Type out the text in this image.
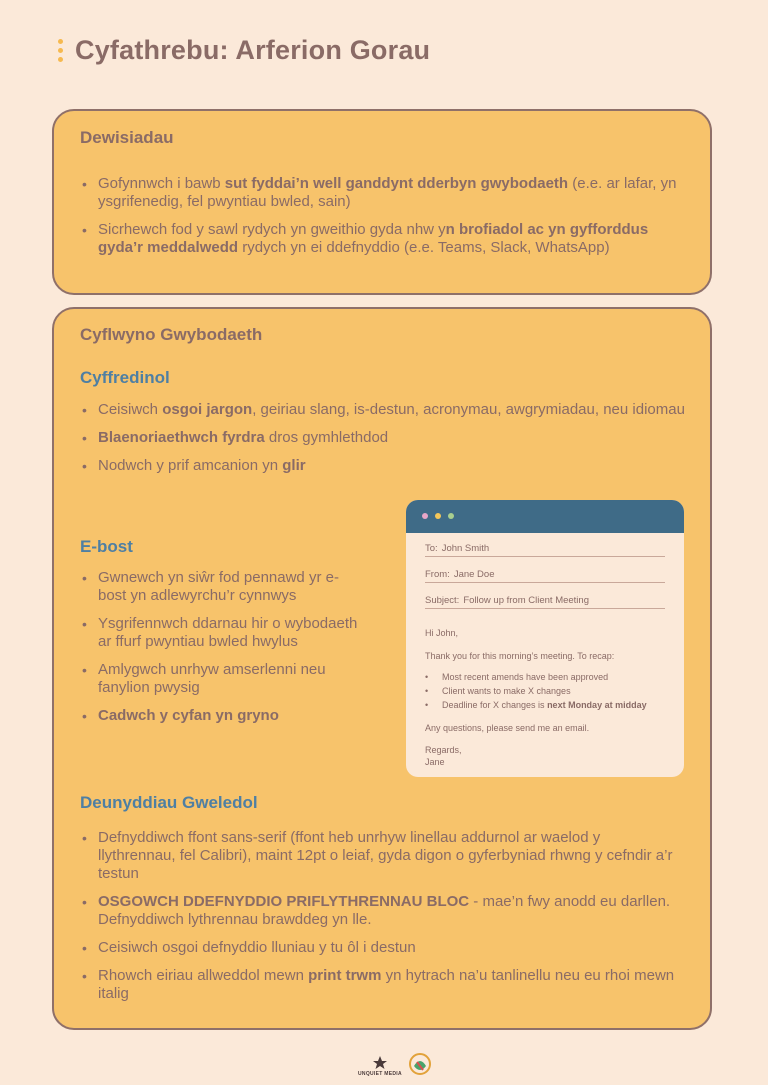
Cyfathrebu: Arferion Gorau
Dewisiadau
• Gofynnwch i bawb sut fyddai’n well ganddynt dderbyn gwybodaeth (e.e. ar lafar, yn ysgrifenedig, fel pwyntiau bwled, sain)
• Sicrhewch fod y sawl rydych yn gweithio gyda nhw yn brofiadol ac yn gyfforddus gyda’r meddalwedd rydych yn ei ddefnyddio (e.e. Teams, Slack, WhatsApp)
Cyflwyno Gwybodaeth
Cyffredinol
• Ceisiwch osgoi jargon, geiriau slang, is-destun, acronymau, awgrymiadau, neu idiomau
• Blaenoriaethwch fyrdra dros gymhlethdod
• Nodwch y prif amcanion yn glir
E-bost
• Gwnewch yn siŵr fod pennawd yr e-bost yn adlewyrchu’r cynnwys
• Ysgrifennwch ddarnau hir o wybodaeth ar ffurf pwyntiau bwled hwylus
• Amlygwch unrhyw amserlenni neu fanylion pwysig
• Cadwch y cyfan yn gryno
Deunyddiau Gweledol
• Defnyddiwch ffont sans-serif (ffont heb unrhyw linellau addurnol ar waelod y llythrennau, fel Calibri), maint 12pt o leiaf, gyda digon o gyferbyniad rhwng y cefndir a’r testun
• OSGOWCH DDEFNYDDIO PRIFLYTHRENNAU BLOC - mae’n fwy anodd eu darllen. Defnyddiwch lythrennau brawddeg yn lle.
• Ceisiwch osgoi defnyddio lluniau y tu ôl i destun
• Rhowch eiriau allweddol mewn print trwm yn hytrach na’u tanlinellu neu eu rhoi mewn italig
To: John Smith
From: Jane Doe
Subject: Follow up from Client Meeting
Hi John,
Thank you for this morning’s meeting. To recap:
• Most recent amends have been approved
• Client wants to make X changes
• Deadline for X changes is next Monday at midday
Any questions, please send me an email.
Regards,
Jane
UNQUIET MEDIA
